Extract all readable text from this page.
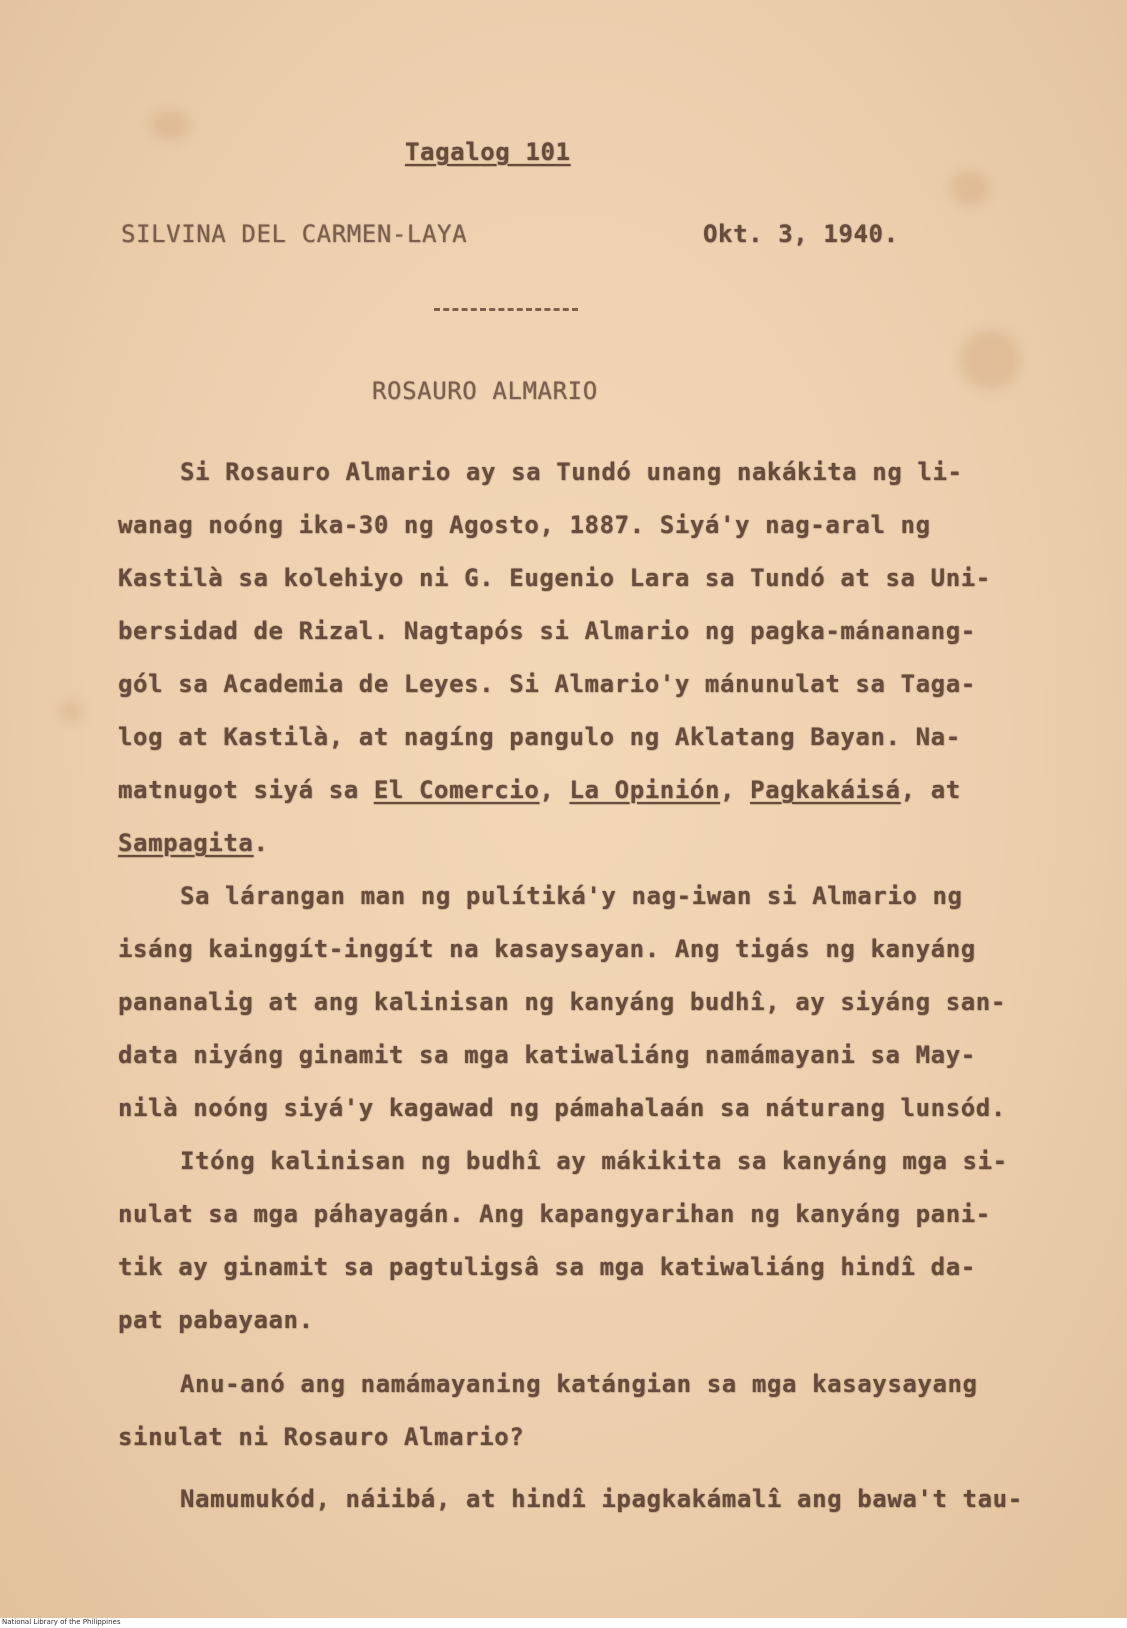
Tagalog 101
SILVINA DEL CARMEN-LAYA	Okt. 3, 1940.
ROSAURO ALMARIO
Si Rosauro Almario ay sa Tundó unang nakákita ng li-
wanag noóng ika-30 ng Agosto, 1887. Siyá'y nag-aral ng
Kastilà sa kolehiyo ni G. Eugenio Lara sa Tundó at sa Uni-
bersidad de Rizal. Nagtapós si Almario ng pagka-mánanang-
gól sa Academia de Leyes. Si Almario'y mánunulat sa Taga-
log at Kastilà, at nagíng pangulo ng Aklatang Bayan. Na-
matnugot siyá sa El Comercio, La Opinión, Pagkakáisá, at
Sampagita.
Sa lárangan man ng pulítiká'y nag-iwan si Almario ng
isáng kainggít-inggít na kasaysayan. Ang tigás ng kanyáng
pananalig at ang kalinisan ng kanyáng budhî, ay siyáng san-
data niyáng ginamit sa mga katiwaliáng namámayani sa May-
nilà noóng siyá'y kagawad ng pámahalaán sa náturang lunsód.
Itóng kalinisan ng budhî ay mákikita sa kanyáng mga si-
nulat sa mga páhayagán. Ang kapangyarihan ng kanyáng pani-
tik ay ginamit sa pagtuligsâ sa mga katiwaliáng hindî da-
pat pabayaan.
Anu-anó ang namámayaning katángian sa mga kasaysayang
sinulat ni Rosauro Almario?
Namumukód, náiibá, at hindî ipagkakámalî ang bawa't tau-
National Library of the Philippines
